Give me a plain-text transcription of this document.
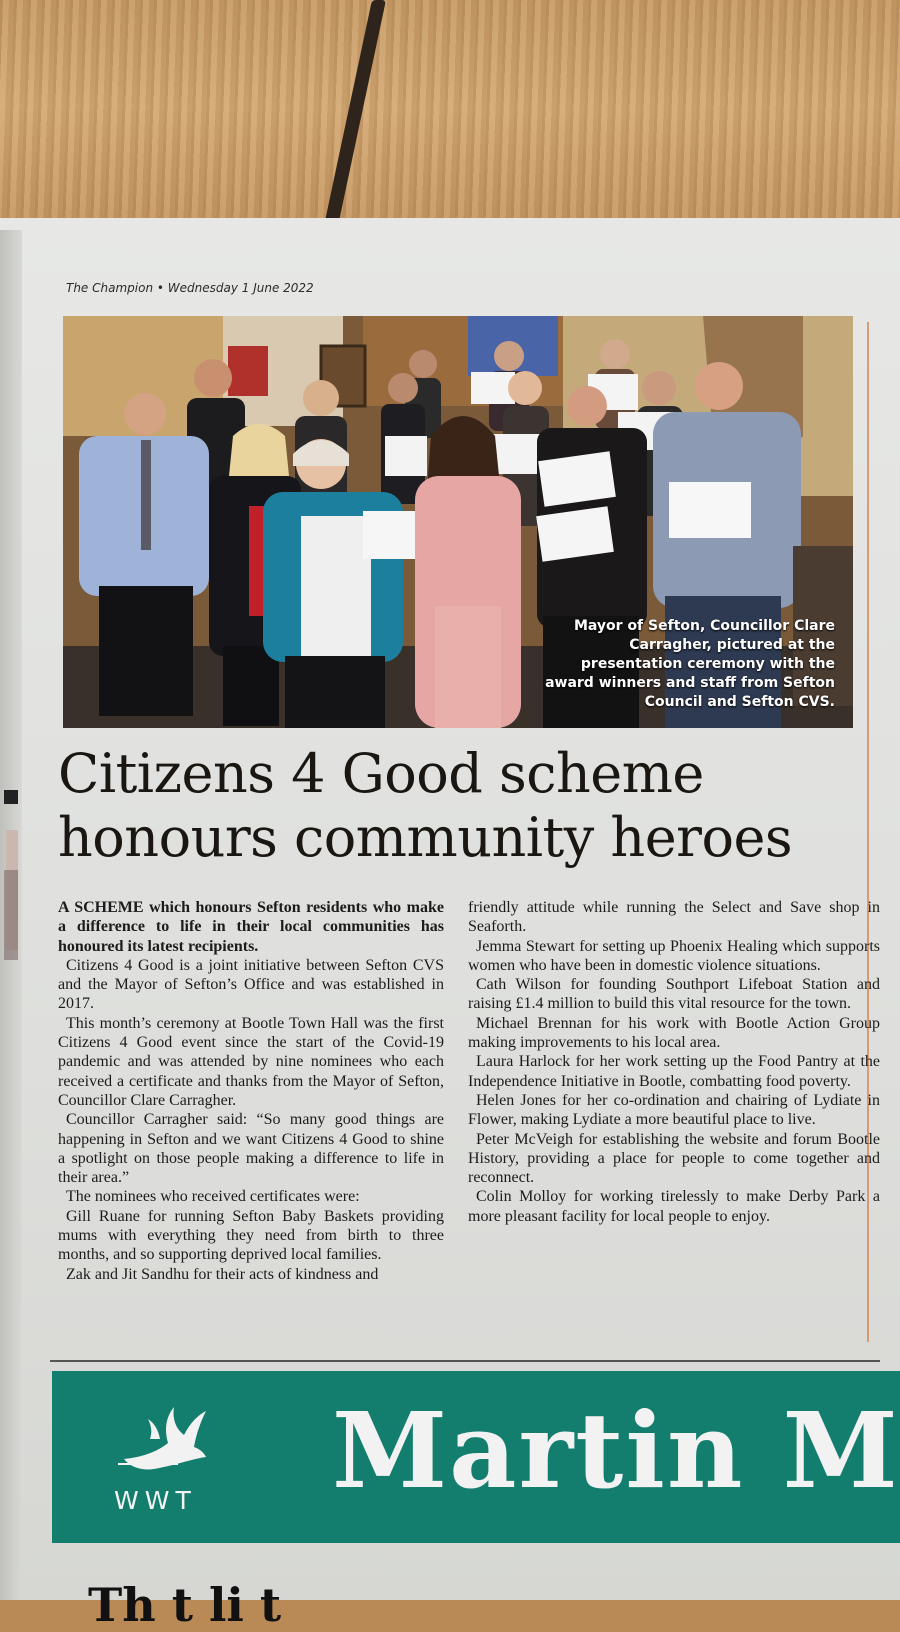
The Champion • Wednesday 1 June 2022
Mayor of Sefton, Councillor Clare Carragher, pictured at the presentation ceremony with the award winners and staff from Sefton Council and Sefton CVS.
Citizens 4 Good scheme
honours community heroes

A SCHEME which honours Sefton residents who make a difference to life in their local communities has honoured its latest recipients.

Citizens 4 Good is a joint initiative between Sefton CVS and the Mayor of Sefton’s Office and was established in 2017.

This month’s ceremony at Bootle Town Hall was the first Citizens 4 Good event since the start of the Covid-19 pandemic and was attended by nine nominees who each received a certificate and thanks from the Mayor of Sefton, Councillor Clare Carragher.

Councillor Carragher said: “So many good things are happening in Sefton and we want Citizens 4 Good to shine a spotlight on those people making a difference to life in their area.”

The nominees who received certificates were:

Gill Ruane for running Sefton Baby Baskets providing mums with everything they need from birth to three months, and so supporting deprived local families.

Zak and Jit Sandhu for their acts of kindness and

friendly attitude while running the Select and Save shop in Seaforth.

Jemma Stewart for setting up Phoenix Healing which supports women who have been in domestic violence situations.

Cath Wilson for founding Southport Lifeboat Station and raising £1.4 million to build this vital resource for the town.

Michael Brennan for his work with Bootle Action Group making improvements to his local area.

Laura Harlock for her work setting up the Food Pantry at the Independence Initiative in Bootle, combatting food poverty.

Helen Jones for her co-ordination and chairing of Lydiate in Flower, making Lydiate a more beautiful place to live.

Peter McVeigh for establishing the website and forum Bootle History, providing a place for people to come together and reconnect.

Colin Molloy for working tirelessly to make Derby Park a more pleasant facility for local people to enjoy.

WWT Martin M
Th t li t
